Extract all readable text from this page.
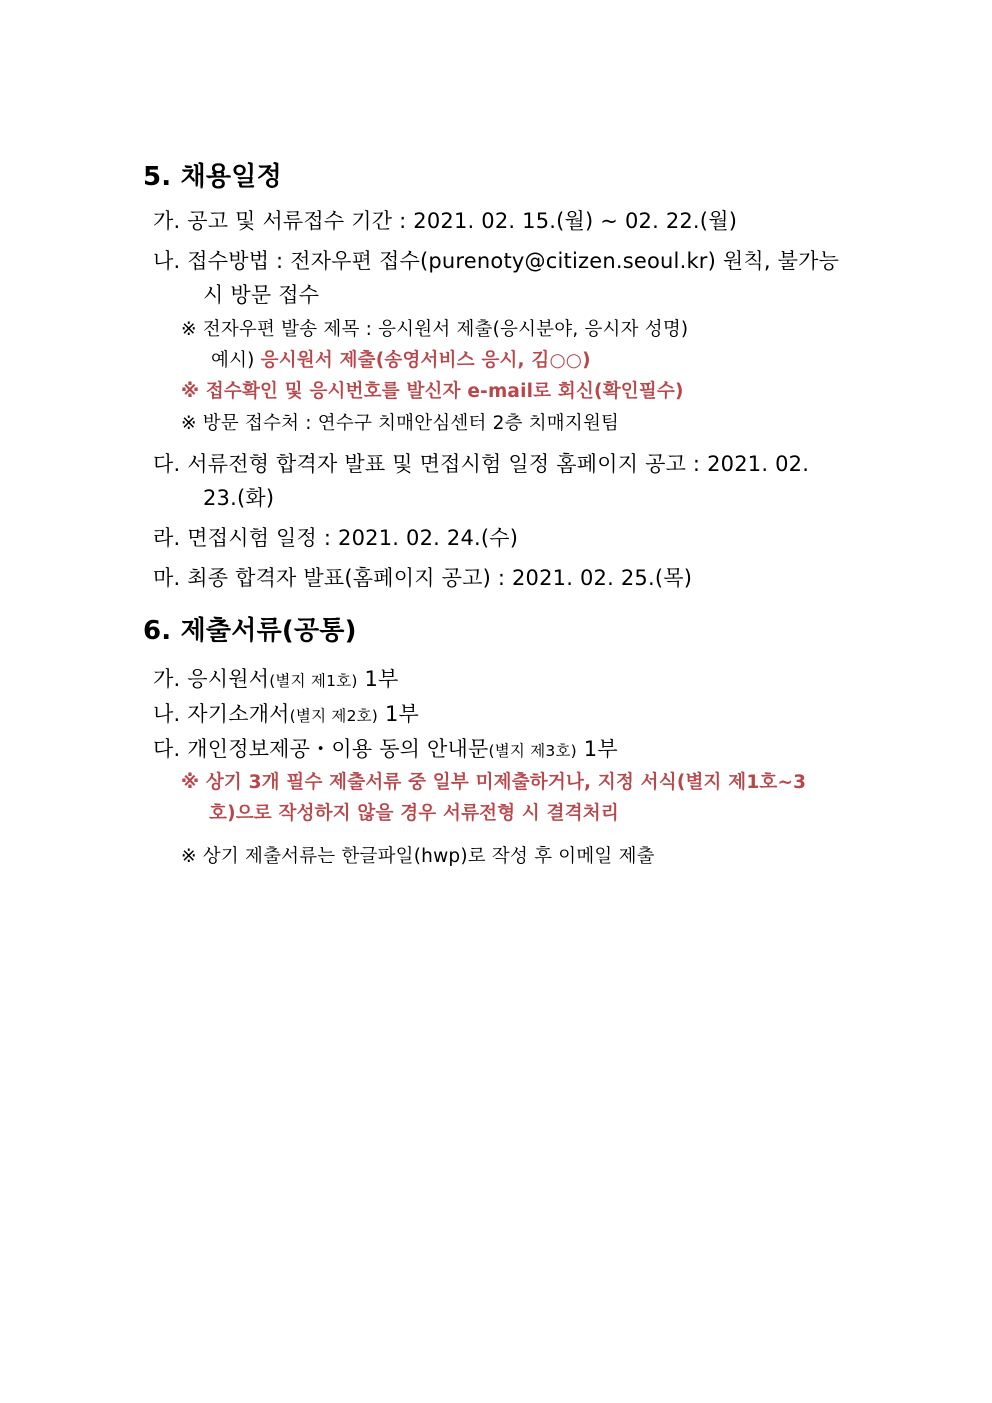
5. 채용일정
가. 공고 및 서류접수 기간 : 2021. 02. 15.(월) ~ 02. 22.(월)
나. 접수방법 : 전자우편 접수(purenoty@citizen.seoul.kr) 원칙, 불가능
시 방문 접수
※ 전자우편 발송 제목 : 응시원서 제출(응시분야, 응시자 성명)
예시) 응시원서 제출(송영서비스 응시, 김○○)
※ 접수확인 및 응시번호를 발신자 e-mail로 회신(확인필수)
※ 방문 접수처 : 연수구 치매안심센터 2층 치매지원팀
다. 서류전형 합격자 발표 및 면접시험 일정 홈페이지 공고 : 2021. 02.
23.(화)
라. 면접시험 일정 : 2021. 02. 24.(수)
마. 최종 합격자 발표(홈페이지 공고) : 2021. 02. 25.(목)
6. 제출서류(공통)
가. 응시원서(별지 제1호) 1부
나. 자기소개서(별지 제2호) 1부
다. 개인정보제공・이용 동의 안내문(별지 제3호) 1부
※ 상기 3개 필수 제출서류 중 일부 미제출하거나, 지정 서식(별지 제1호~3
호)으로 작성하지 않을 경우 서류전형 시 결격처리
※ 상기 제출서류는 한글파일(hwp)로 작성 후 이메일 제출
